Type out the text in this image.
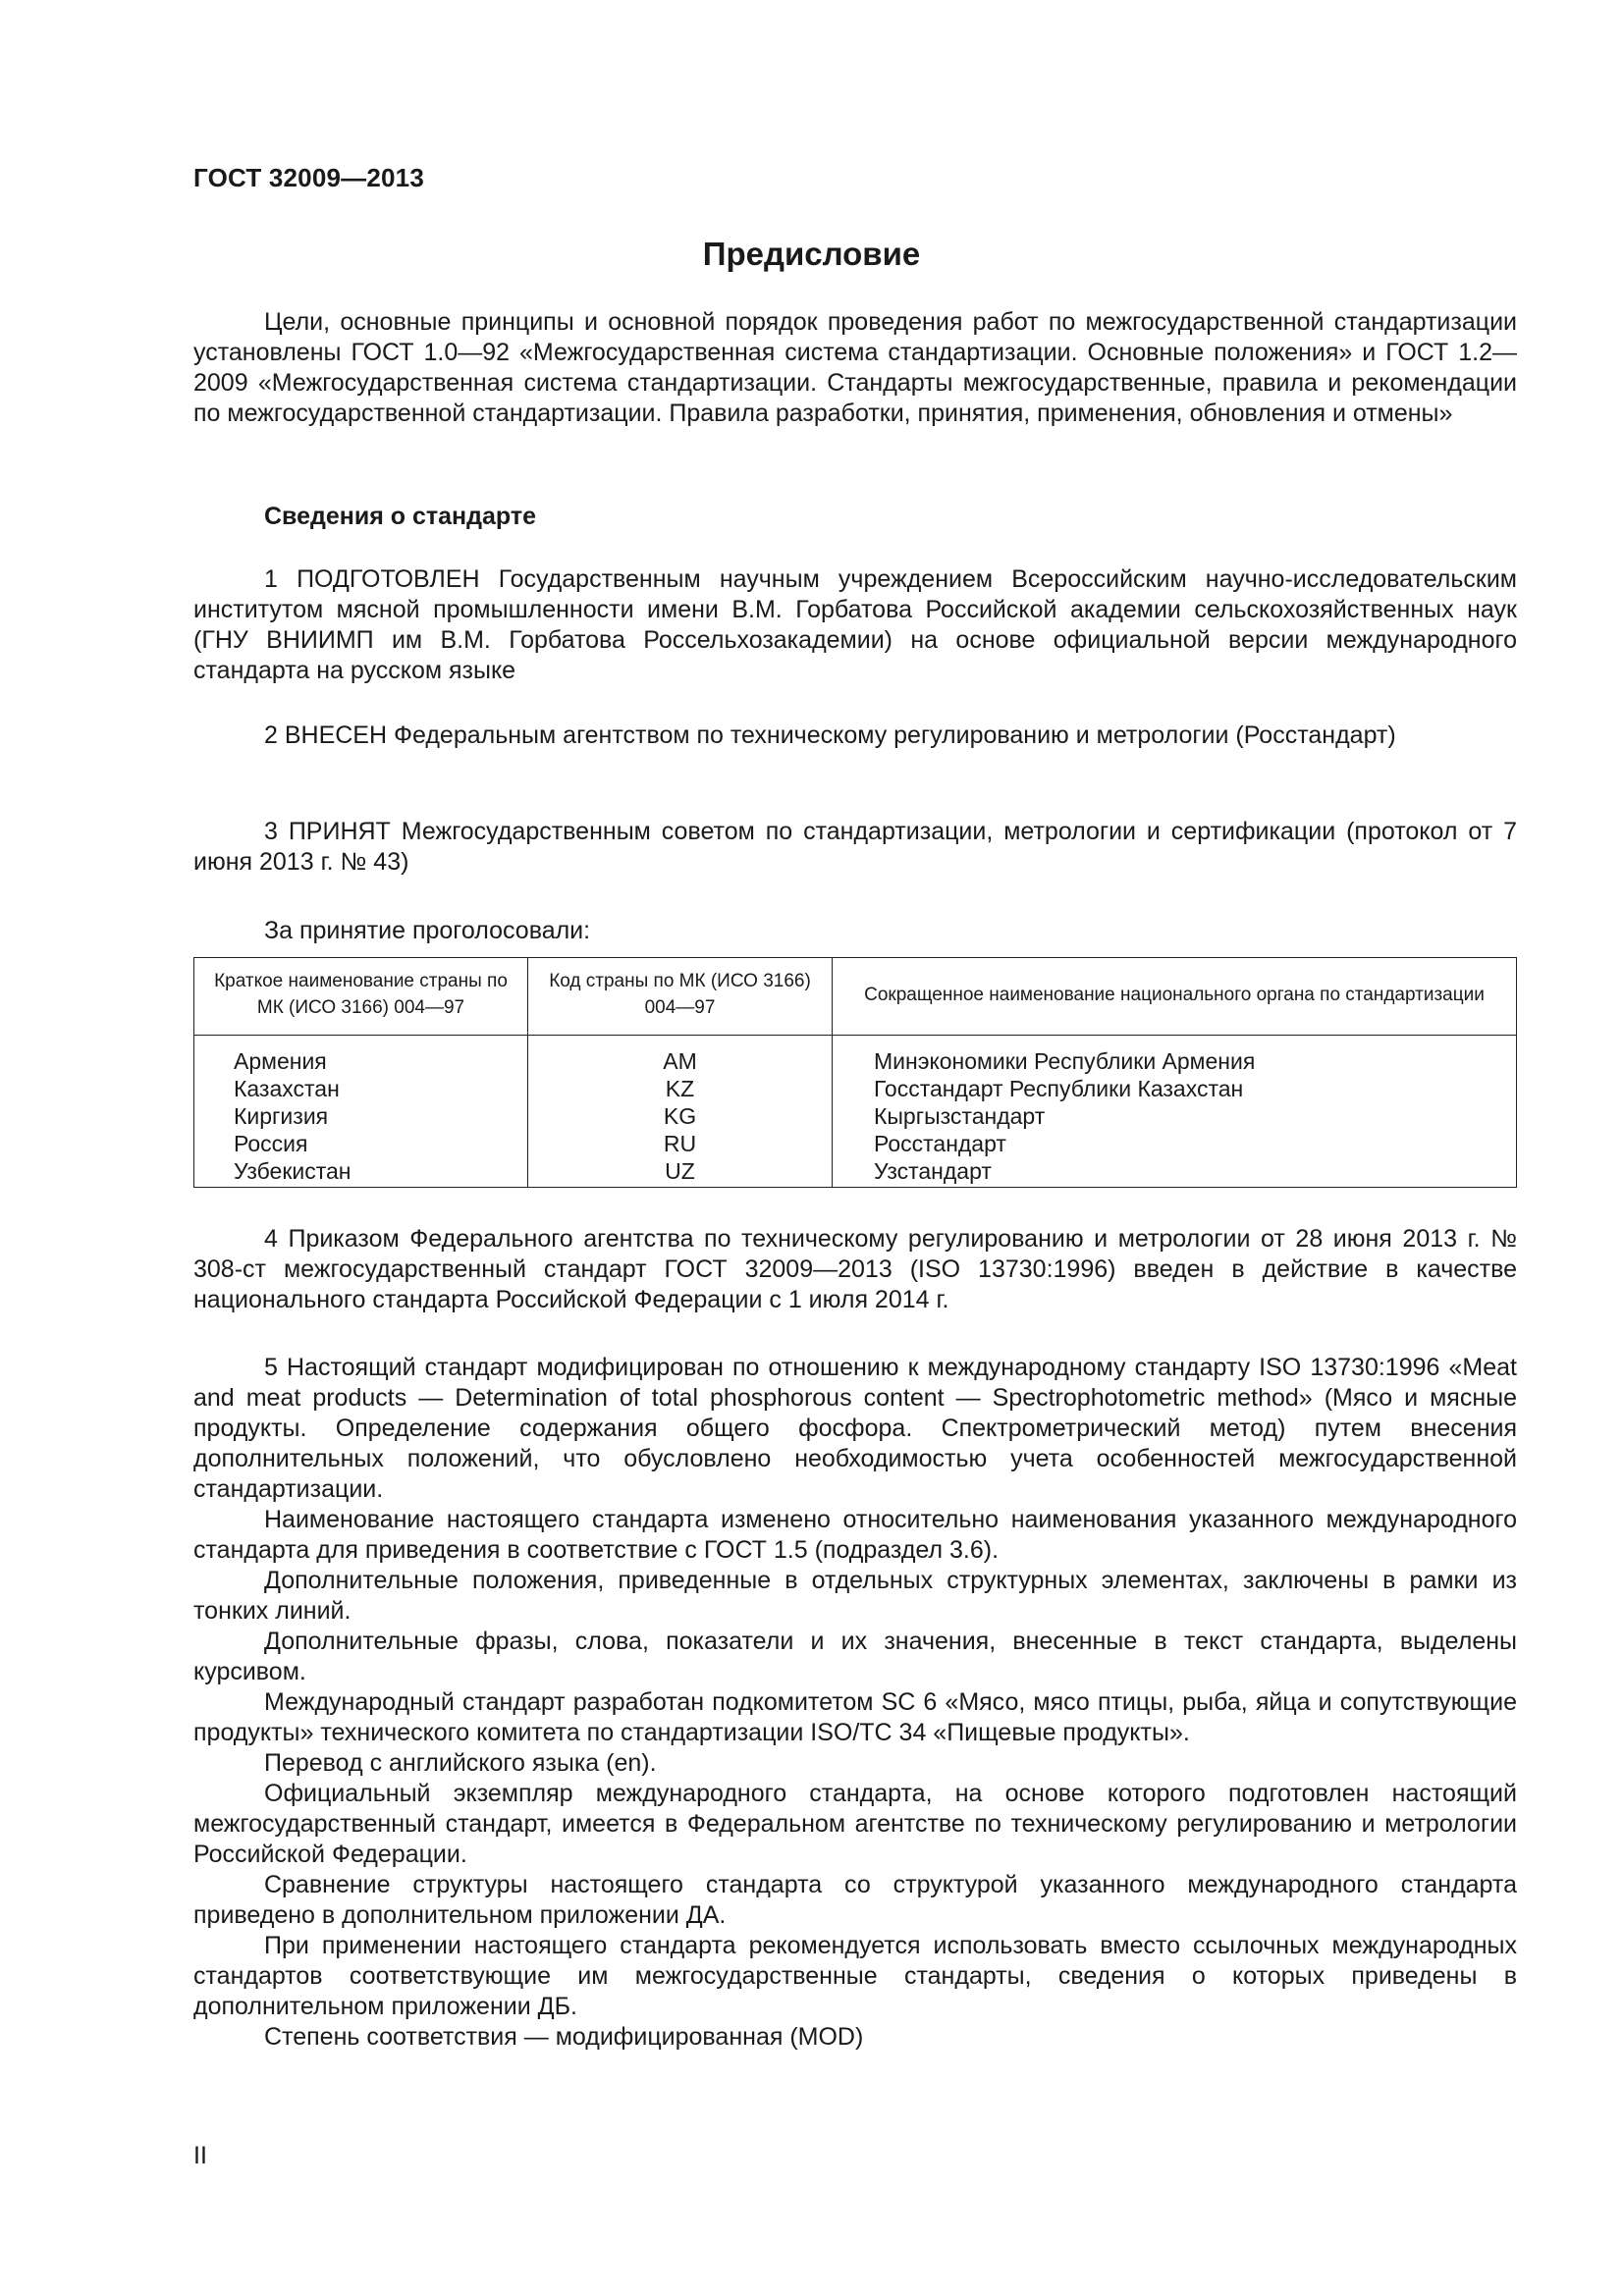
ГОСТ 32009—2013
Предисловие

Цели, основные принципы и основной порядок проведения работ по межгосударственной стандартизации установлены ГОСТ 1.0—92 «Межгосударственная система стандартизации. Основные положения» и ГОСТ 1.2—2009 «Межгосударственная система стандартизации. Стандарты межгосударственные, правила и рекомендации по межгосударственной стандартизации. Правила разработки, принятия, применения, обновления и отмены»

Сведения о стандарте

1 ПОДГОТОВЛЕН Государственным научным учреждением Всероссийским научно-исследовательским институтом мясной промышленности имени В.М. Горбатова Российской академии сельскохозяйственных наук (ГНУ ВНИИМП им В.М. Горбатова Россельхозакадемии) на основе официальной версии международного стандарта на русском языке

2 ВНЕСЕН Федеральным агентством по техническому регулированию и метрологии (Росстандарт)

3 ПРИНЯТ Межгосударственным советом по стандартизации, метрологии и сертификации (протокол от 7 июня 2013 г. № 43)

За принятие проголосовали:
Краткое наименование страны по МК (ИСО 3166) 004—97	Код страны по МК (ИСО 3166) 004—97	Сокращенное наименование национального органа по стандартизации
Армения	AM	Минэкономики Республики Армения
Казахстан	KZ	Госстандарт Республики Казахстан
Киргизия	KG	Кыргызстандарт
Россия	RU	Росстандарт
Узбекистан	UZ	Узстандарт

4 Приказом Федерального агентства по техническому регулированию и метрологии от 28 июня 2013 г. № 308-ст межгосударственный стандарт ГОСТ 32009—2013 (ISO 13730:1996) введен в действие в качестве национального стандарта Российской Федерации с 1 июля 2014 г.

5 Настоящий стандарт модифицирован по отношению к международному стандарту ISO 13730:1996 «Meat and meat products — Determination of total phosphorous content — Spectrophotometric method» (Мясо и мясные продукты. Определение содержания общего фосфора. Спектрометрический метод) путем внесения дополнительных положений, что обусловлено необходимостью учета особенностей межгосударственной стандартизации.

Наименование настоящего стандарта изменено относительно наименования указанного международного стандарта для приведения в соответствие с ГОСТ 1.5 (подраздел 3.6).

Дополнительные положения, приведенные в отдельных структурных элементах, заключены в рамки из тонких линий.

Дополнительные фразы, слова, показатели и их значения, внесенные в текст стандарта, выделены курсивом.

Международный стандарт разработан подкомитетом SC 6 «Мясо, мясо птицы, рыба, яйца и сопутствующие продукты» технического комитета по стандартизации ISO/TC 34 «Пищевые продукты».

Перевод с английского языка (en).

Официальный экземпляр международного стандарта, на основе которого подготовлен настоящий межгосударственный стандарт, имеется в Федеральном агентстве по техническому регулированию и метрологии Российской Федерации.

Сравнение структуры настоящего стандарта со структурой указанного международного стандарта приведено в дополнительном приложении ДА.

При применении настоящего стандарта рекомендуется использовать вместо ссылочных международных стандартов соответствующие им межгосударственные стандарты, сведения о которых приведены в дополнительном приложении ДБ.

Степень соответствия — модифицированная (MOD)

II
